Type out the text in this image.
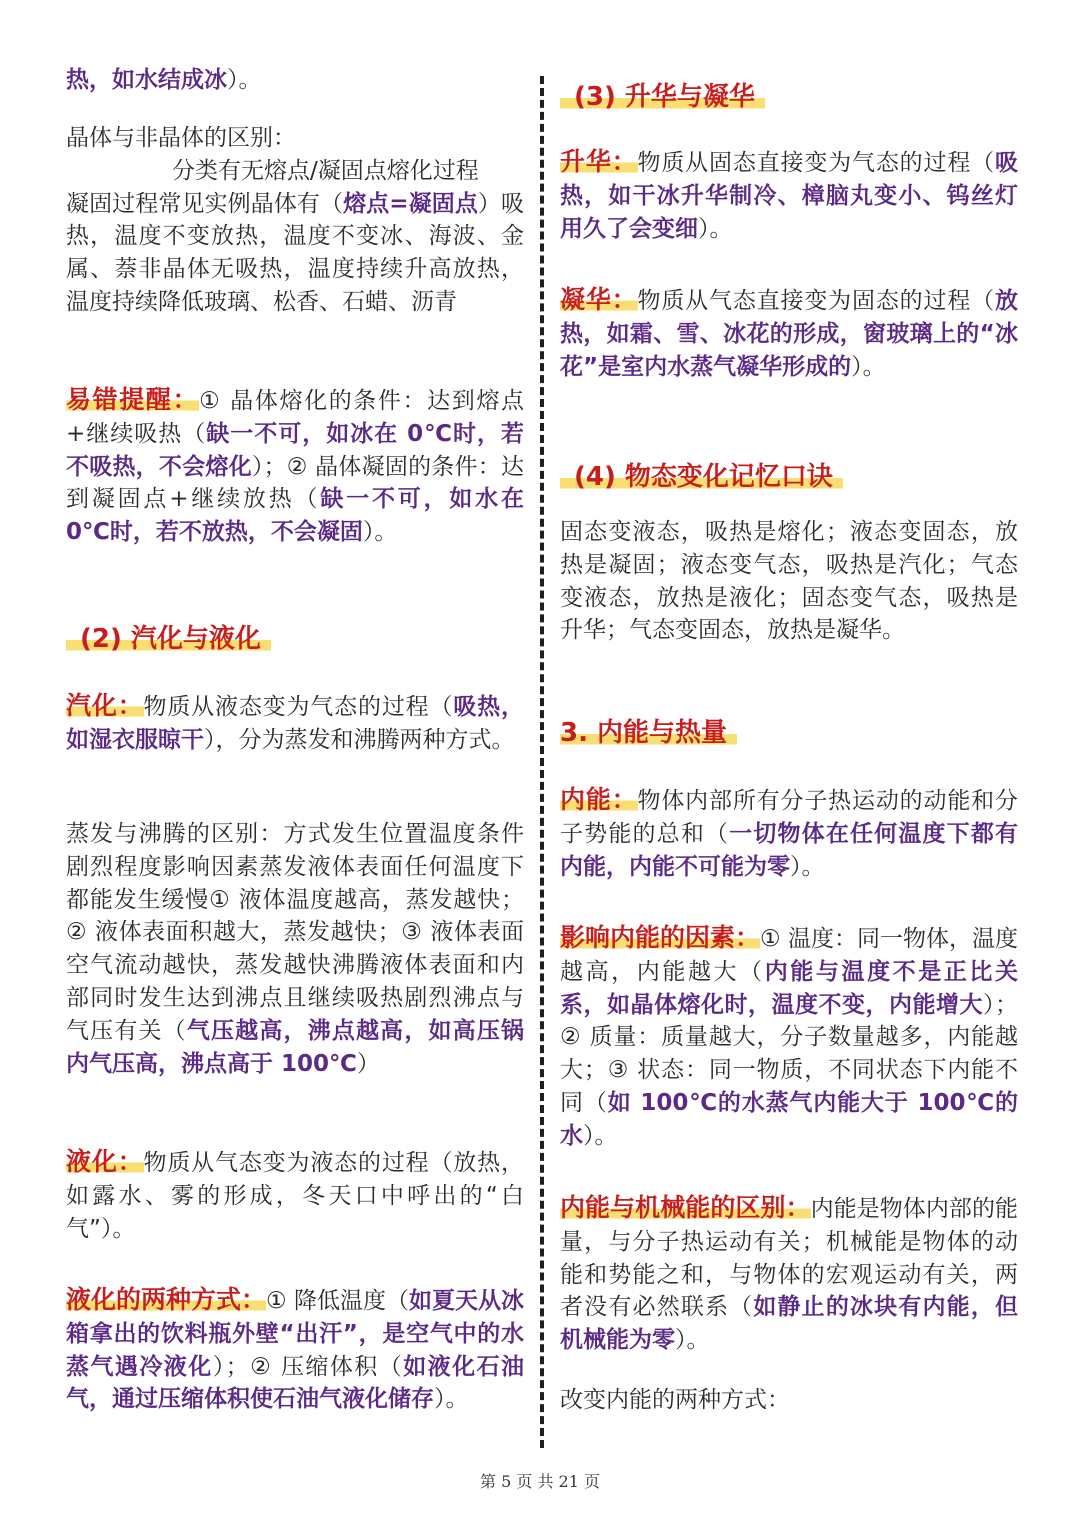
热，如水结成冰）。

晶体与非晶体的区别：
分类有无熔点/凝固点熔化过程
凝固过程常见实例晶体有（熔点=凝固点）吸热，温度不变放热，温度不变冰、海波、金属、萘非晶体无吸热，温度持续升高放热，温度持续降低玻璃、松香、石蜡、沥青

易错提醒：① 晶体熔化的条件：达到熔点+继续吸热（缺一不可，如冰在 0℃时，若不吸热，不会熔化）；② 晶体凝固的条件：达到凝固点+继续放热（缺一不可，如水在 0℃时，若不放热，不会凝固）。

(2) 汽化与液化

汽化：物质从液态变为气态的过程（吸热，如湿衣服晾干），分为蒸发和沸腾两种方式。

蒸发与沸腾的区别：方式发生位置温度条件剧烈程度影响因素蒸发液体表面任何温度下都能发生缓慢① 液体温度越高，蒸发越快；② 液体表面积越大，蒸发越快；③ 液体表面空气流动越快，蒸发越快沸腾液体表面和内部同时发生达到沸点且继续吸热剧烈沸点与气压有关（气压越高，沸点越高，如高压锅内气压高，沸点高于 100℃）

液化：物质从气态变为液态的过程（放热，如露水、雾的形成，冬天口中呼出的“白气”）。

液化的两种方式：① 降低温度（如夏天从冰箱拿出的饮料瓶外壁“出汗”，是空气中的水蒸气遇冷液化）；② 压缩体积（如液化石油气，通过压缩体积使石油气液化储存）。

(3) 升华与凝华

升华：物质从固态直接变为气态的过程（吸热，如干冰升华制冷、樟脑丸变小、钨丝灯用久了会变细）。

凝华：物质从气态直接变为固态的过程（放热，如霜、雪、冰花的形成，窗玻璃上的“冰花”是室内水蒸气凝华形成的）。

(4) 物态变化记忆口诀

固态变液态，吸热是熔化；液态变固态，放热是凝固；液态变气态，吸热是汽化；气态变液态，放热是液化；固态变气态，吸热是升华；气态变固态，放热是凝华。

3. 内能与热量

内能：物体内部所有分子热运动的动能和分子势能的总和（一切物体在任何温度下都有内能，内能不可能为零）。

影响内能的因素：① 温度：同一物体，温度越高，内能越大（内能与温度不是正比关系，如晶体熔化时，温度不变，内能增大）；② 质量：质量越大，分子数量越多，内能越大；③ 状态：同一物质，不同状态下内能不同（如 100℃的水蒸气内能大于 100℃的水）。

内能与机械能的区别：内能是物体内部的能量，与分子热运动有关；机械能是物体的动能和势能之和，与物体的宏观运动有关，两者没有必然联系（如静止的冰块有内能，但机械能为零）。

改变内能的两种方式：

第 5 页 共 21 页
